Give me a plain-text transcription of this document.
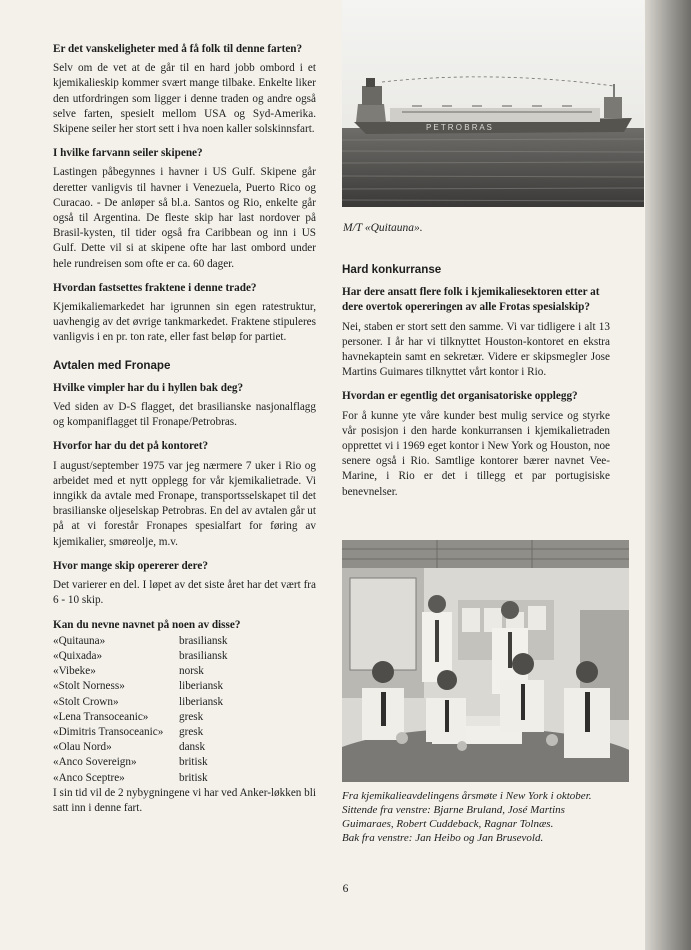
Er det vanskeligheter med å få folk til denne farten?

Selv om de vet at de går til en hard jobb ombord i et kjemikalieskip kommer svært mange tilbake. Enkelte liker den utfordringen som ligger i denne traden og andre også selve farten, spesielt mellom USA og Syd-Amerika. Skipene seiler her stort sett i hva noen kaller solskinnsfart.

I hvilke farvann seiler skipene?

Lastingen påbegynnes i havner i US Gulf. Skipene går deretter vanligvis til havner i Venezuela, Puerto Rico og Curacao. - De anløper så bl.a. Santos og Rio, enkelte går også til Argentina. De fleste skip har last nordover på Brasil-kysten, til tider også fra Caribbean og inn i US Gulf. Dette vil si at skipene ofte har last ombord under hele rundreisen som ofte er ca. 60 dager.

Hvordan fastsettes fraktene i denne trade?

Kjemikaliemarkedet har igrunnen sin egen ratestruktur, uavhengig av det øvrige tankmarkedet. Fraktene stipuleres vanligvis i en pr. ton rate, eller fast beløp for partiet.

Avtalen med Fronape

Hvilke vimpler har du i hyllen bak deg?

Ved siden av D-S flagget, det brasilianske nasjonalflagg og kompaniflagget til Fronape/Petrobras.

Hvorfor har du det på kontoret?

I august/september 1975 var jeg nærmere 7 uker i Rio og arbeidet med et nytt opplegg for vår kjemikalietrade. Vi inngikk da avtale med Fronape, transportsselskapet til det brasilianske oljeselskap Petrobras. En del av avtalen går ut på at vi forestår Fronapes spesialfart for føring av kjemikalier, smøreolje, m.v.

Hvor mange skip opererer dere?

Det varierer en del. I løpet av det siste året har det vært fra 6 - 10 skip.

Kan du nevne navnet på noen av disse?

«Quitauna»	brasiliansk
«Quixada»	brasiliansk
«Vibeke»	norsk
«Stolt Norness»	liberiansk
«Stolt Crown»	liberiansk
«Lena Transoceanic»	gresk
«Dimitris Transoceanic»	gresk
«Olau Nord»	dansk
«Anco Sovereign»	britisk
«Anco Sceptre»	britisk

I sin tid vil de 2 nybygningene vi har ved Anker-løkken bli satt inn i denne fart.

P E T R O B R A S
M/T «Quitauna».

Hard konkurranse

Har dere ansatt flere folk i kjemikaliesektoren etter at dere overtok opereringen av alle Frotas spesialskip?

Nei, staben er stort sett den samme. Vi var tidligere i alt 13 personer. I år har vi tilknyttet Houston-kontoret en ekstra havnekaptein samt en sekretær. Videre er skipsmegler Jose Martins Guimares tilknyttet vårt kontor i Rio.

Hvordan er egentlig det organisatoriske opplegg?

For å kunne yte våre kunder best mulig service og styrke vår posisjon i den harde konkurransen i kjemikalietraden opprettet vi i 1969 eget kontor i New York og Houston, noe senere også i Rio. Samtlige kontorer bærer navnet Vee-Marine, i Rio er det i tillegg et par portugisiske benevnelser.

Fra kjemikalieavdelingens årsmøte i New York i oktober.
Sittende fra venstre: Bjarne Bruland, José Martins Guimaraes, Robert Cuddeback, Ragnar Tolnæs.
Bak fra venstre: Jan Heibo og Jan Brusevold.
6
